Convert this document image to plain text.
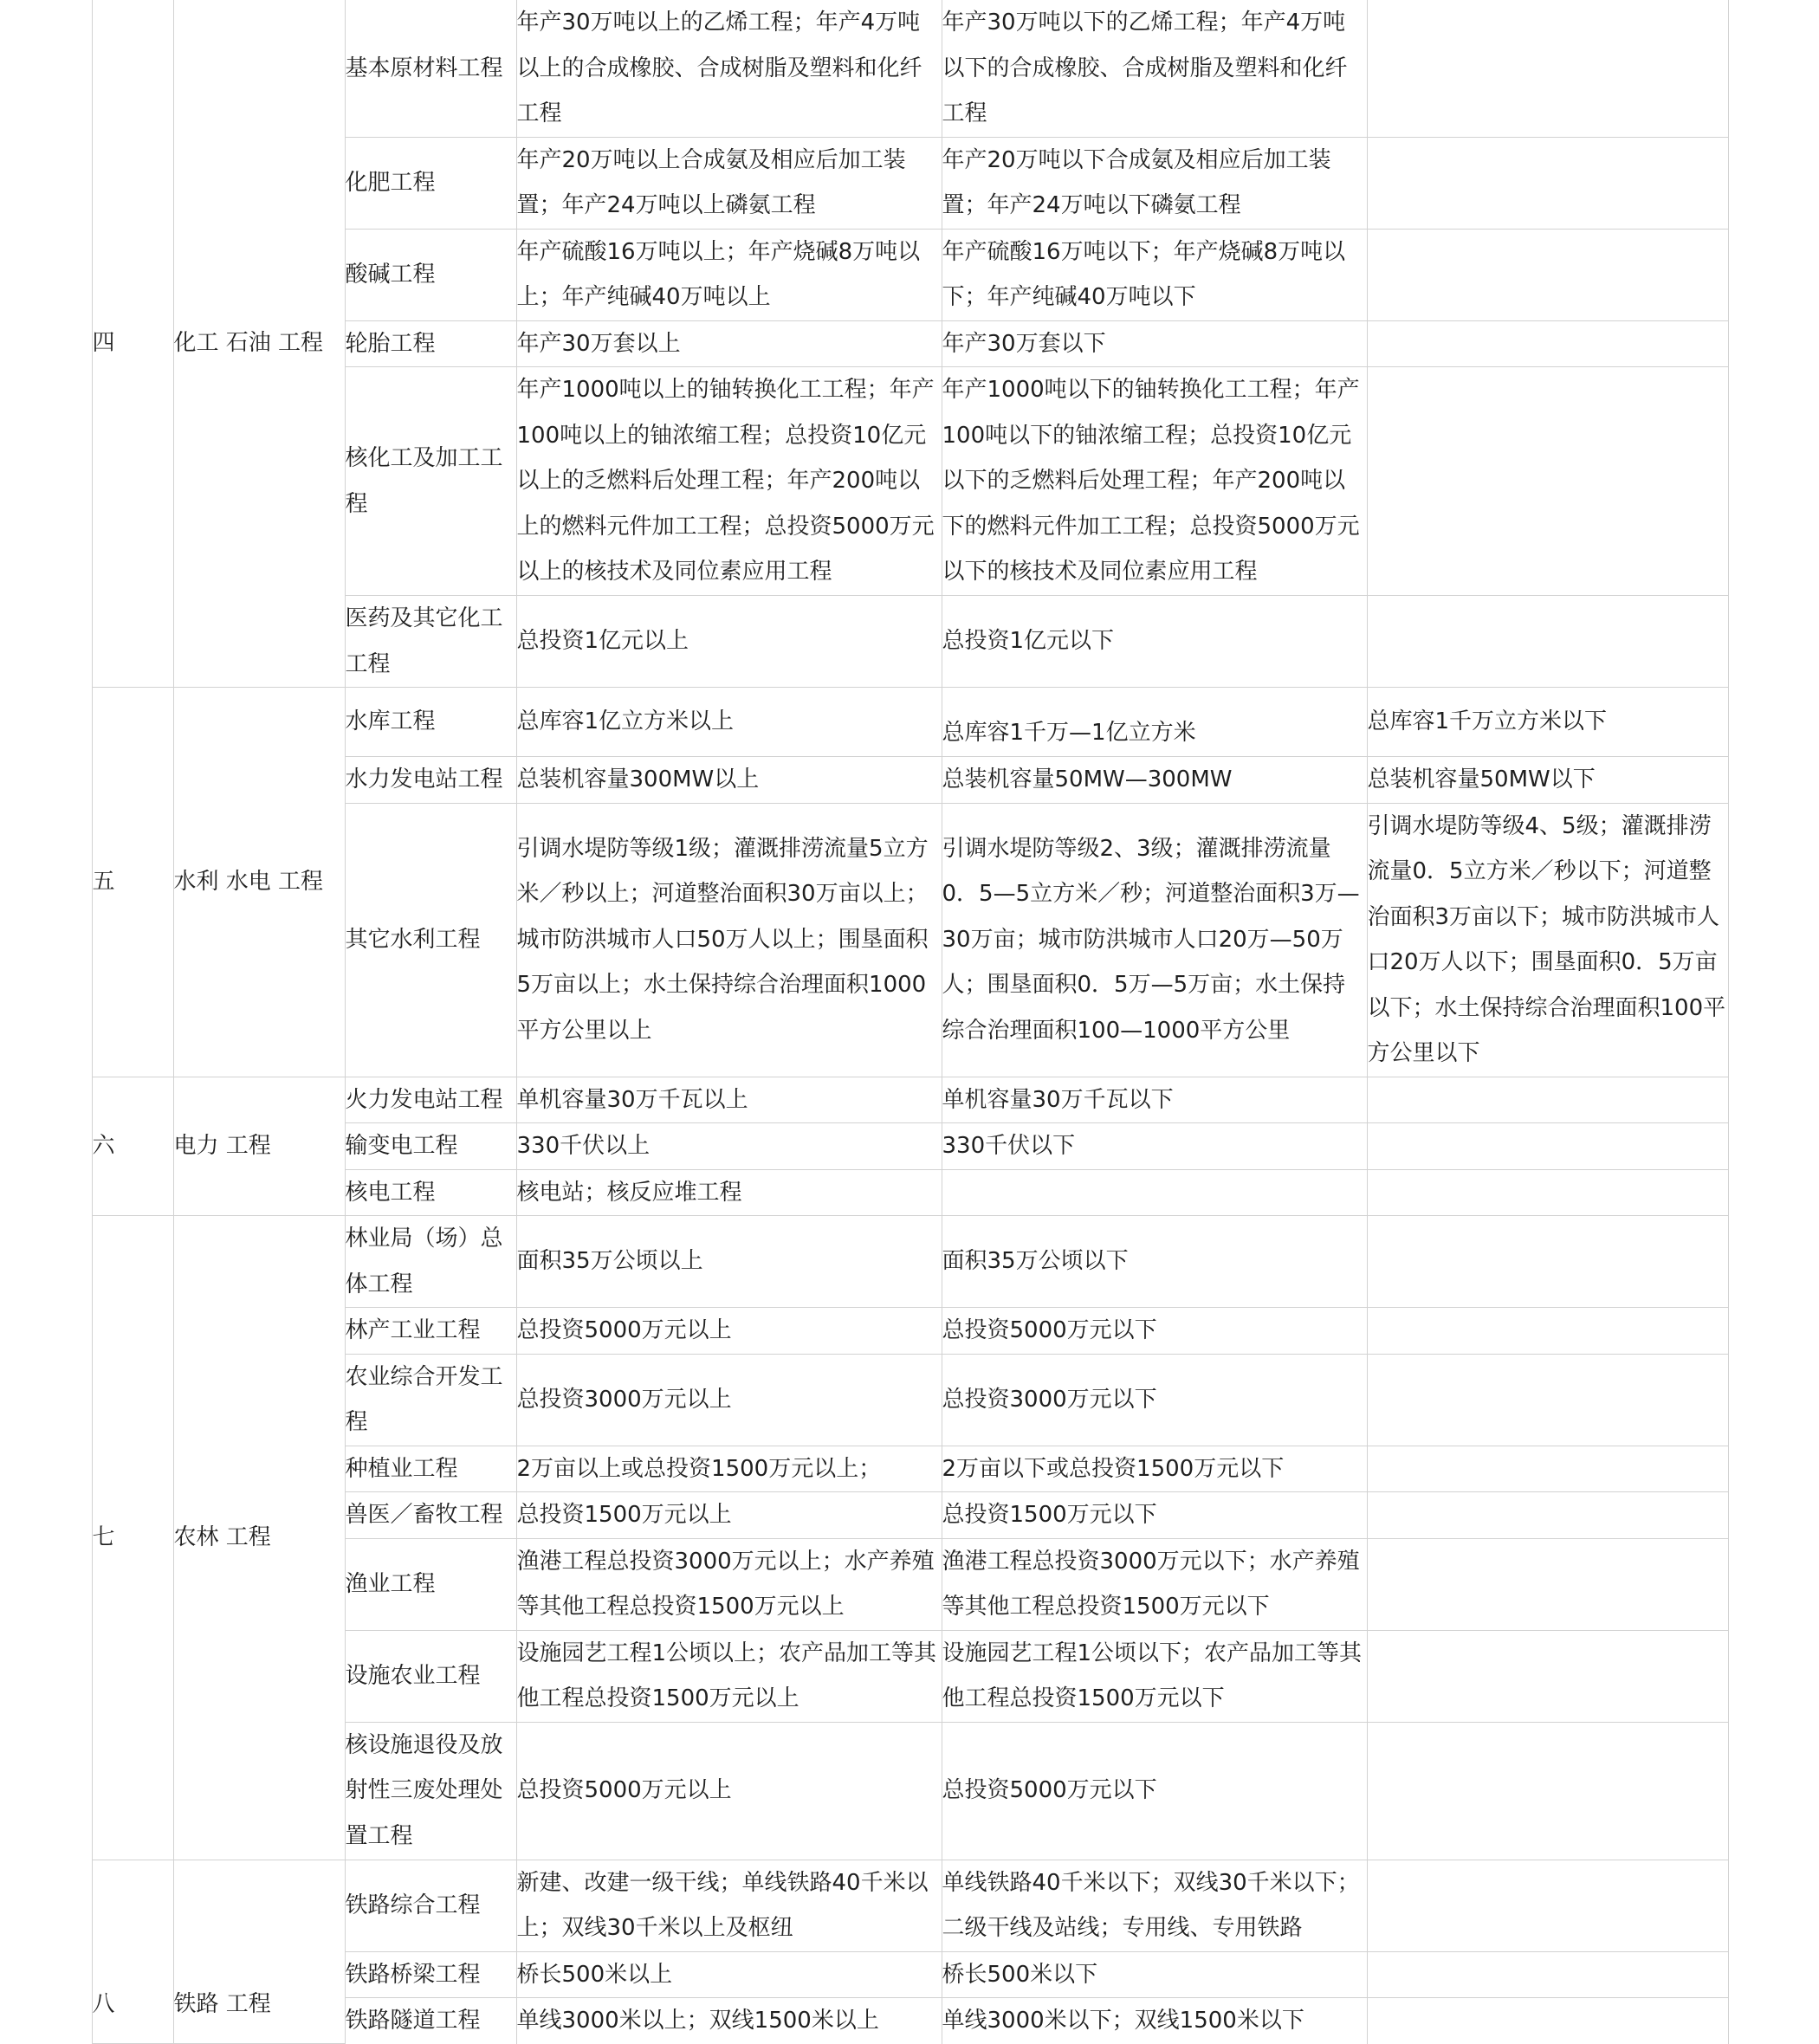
	四	化工 石油 工程	基本原材料工程	年产30万吨以上的乙烯工程；年产4万吨以上的合成橡胶、合成树脂及塑料和化纤工程	年产30万吨以下的乙烯工程；年产4万吨以下的合成橡胶、合成树脂及塑料和化纤工程	
			化肥工程	年产20万吨以上合成氨及相应后加工装置；年产24万吨以上磷氨工程	年产20万吨以下合成氨及相应后加工装置；年产24万吨以下磷氨工程	
			酸碱工程	年产硫酸16万吨以上；年产烧碱8万吨以上；年产纯碱40万吨以上	年产硫酸16万吨以下；年产烧碱8万吨以下；年产纯碱40万吨以下	
			轮胎工程	年产30万套以上	年产30万套以下	
			核化工及加工工程	年产1000吨以上的铀转换化工工程；年产100吨以上的铀浓缩工程；总投资10亿元以上的乏燃料后处理工程；年产200吨以上的燃料元件加工工程；总投资5000万元以上的核技术及同位素应用工程	年产1000吨以下的铀转换化工工程；年产100吨以下的铀浓缩工程；总投资10亿元以下的乏燃料后处理工程；年产200吨以下的燃料元件加工工程；总投资5000万元以下的核技术及同位素应用工程	
			医药及其它化工工程	总投资1亿元以上	总投资1亿元以下	
	五	水利 水电 工程	水库工程	总库容1亿立方米以上	总库容1千万—1亿立方米	总库容1千万立方米以下
			水力发电站工程	总装机容量300MW以上	总装机容量50MW—300MW	总装机容量50MW以下
			其它水利工程	引调水堤防等级1级；灌溉排涝流量5立方米／秒以上；河道整治面积30万亩以上；城市防洪城市人口50万人以上；围垦面积5万亩以上；水土保持综合治理面积1000平方公里以上	引调水堤防等级2、3级；灌溉排涝流量0．5—5立方米／秒；河道整治面积3万—30万亩；城市防洪城市人口20万—50万人；围垦面积0．5万—5万亩；水土保持综合治理面积100—1000平方公里	引调水堤防等级4、5级；灌溉排涝流量0．5立方米／秒以下；河道整治面积3万亩以下；城市防洪城市人口20万人以下；围垦面积0．5万亩以下；水土保持综合治理面积100平方公里以下
	六	电力 工程	火力发电站工程	单机容量30万千瓦以上	单机容量30万千瓦以下	
			输变电工程	330千伏以上	330千伏以下	
			核电工程	核电站；核反应堆工程		
	七	农林 工程	林业局（场）总体工程	面积35万公顷以上	面积35万公顷以下	
			林产工业工程	总投资5000万元以上	总投资5000万元以下	
			农业综合开发工程	总投资3000万元以上	总投资3000万元以下	
			种植业工程	2万亩以上或总投资1500万元以上；	2万亩以下或总投资1500万元以下	
			兽医／畜牧工程	总投资1500万元以上	总投资1500万元以下	
			渔业工程	渔港工程总投资3000万元以上；水产养殖等其他工程总投资1500万元以上	渔港工程总投资3000万元以下；水产养殖等其他工程总投资1500万元以下	
			设施农业工程	设施园艺工程1公顷以上；农产品加工等其他工程总投资1500万元以上	设施园艺工程1公顷以下；农产品加工等其他工程总投资1500万元以下	
			核设施退役及放射性三废处理处置工程	总投资5000万元以上	总投资5000万元以下	
	八	铁路 工程	铁路综合工程	新建、改建一级干线；单线铁路40千米以上；双线30千米以上及枢纽	单线铁路40千米以下；双线30千米以下；二级干线及站线；专用线、专用铁路	
			铁路桥梁工程	桥长500米以上	桥长500米以下	
			铁路隧道工程	单线3000米以上；双线1500米以上	单线3000米以下；双线1500米以下	
